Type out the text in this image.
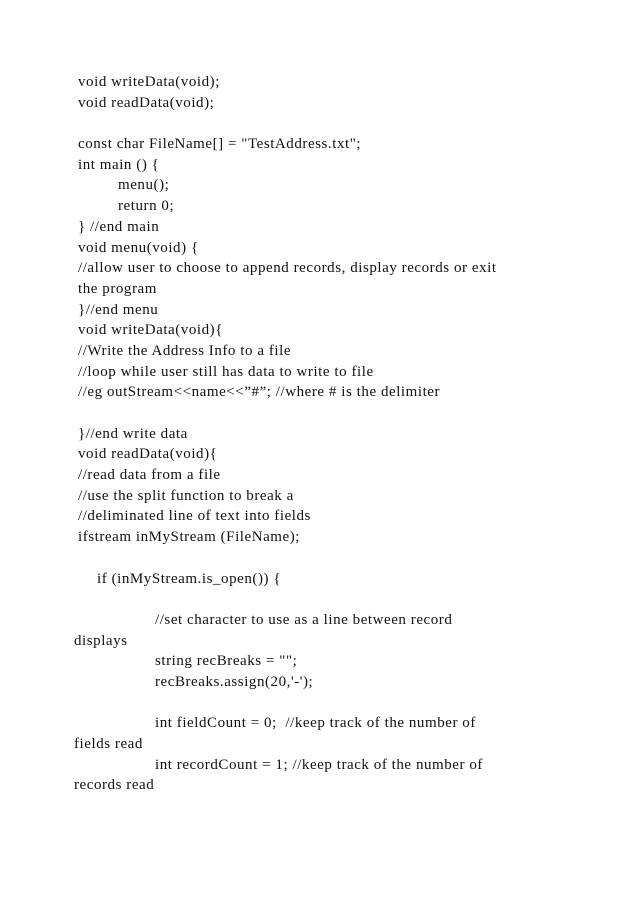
void writeData(void);
void readData(void);
const char FileName[] = "TestAddress.txt";
int main () {
menu();
return 0;
} //end main
void menu(void) {
//allow user to choose to append records, display records or exit
the program
}//end menu
void writeData(void){
//Write the Address Info to a file
//loop while user still has data to write to file
//eg outStream<<name<<”#”; //where # is the delimiter
}//end write data
void readData(void){
//read data from a file
//use the split function to break a
//deliminated line of text into fields
ifstream inMyStream (FileName);
if (inMyStream.is_open()) {
//set character to use as a line between record
displays
string recBreaks = "";
recBreaks.assign(20,'-');
int fieldCount = 0;  //keep track of the number of
fields read
int recordCount = 1; //keep track of the number of
records read
